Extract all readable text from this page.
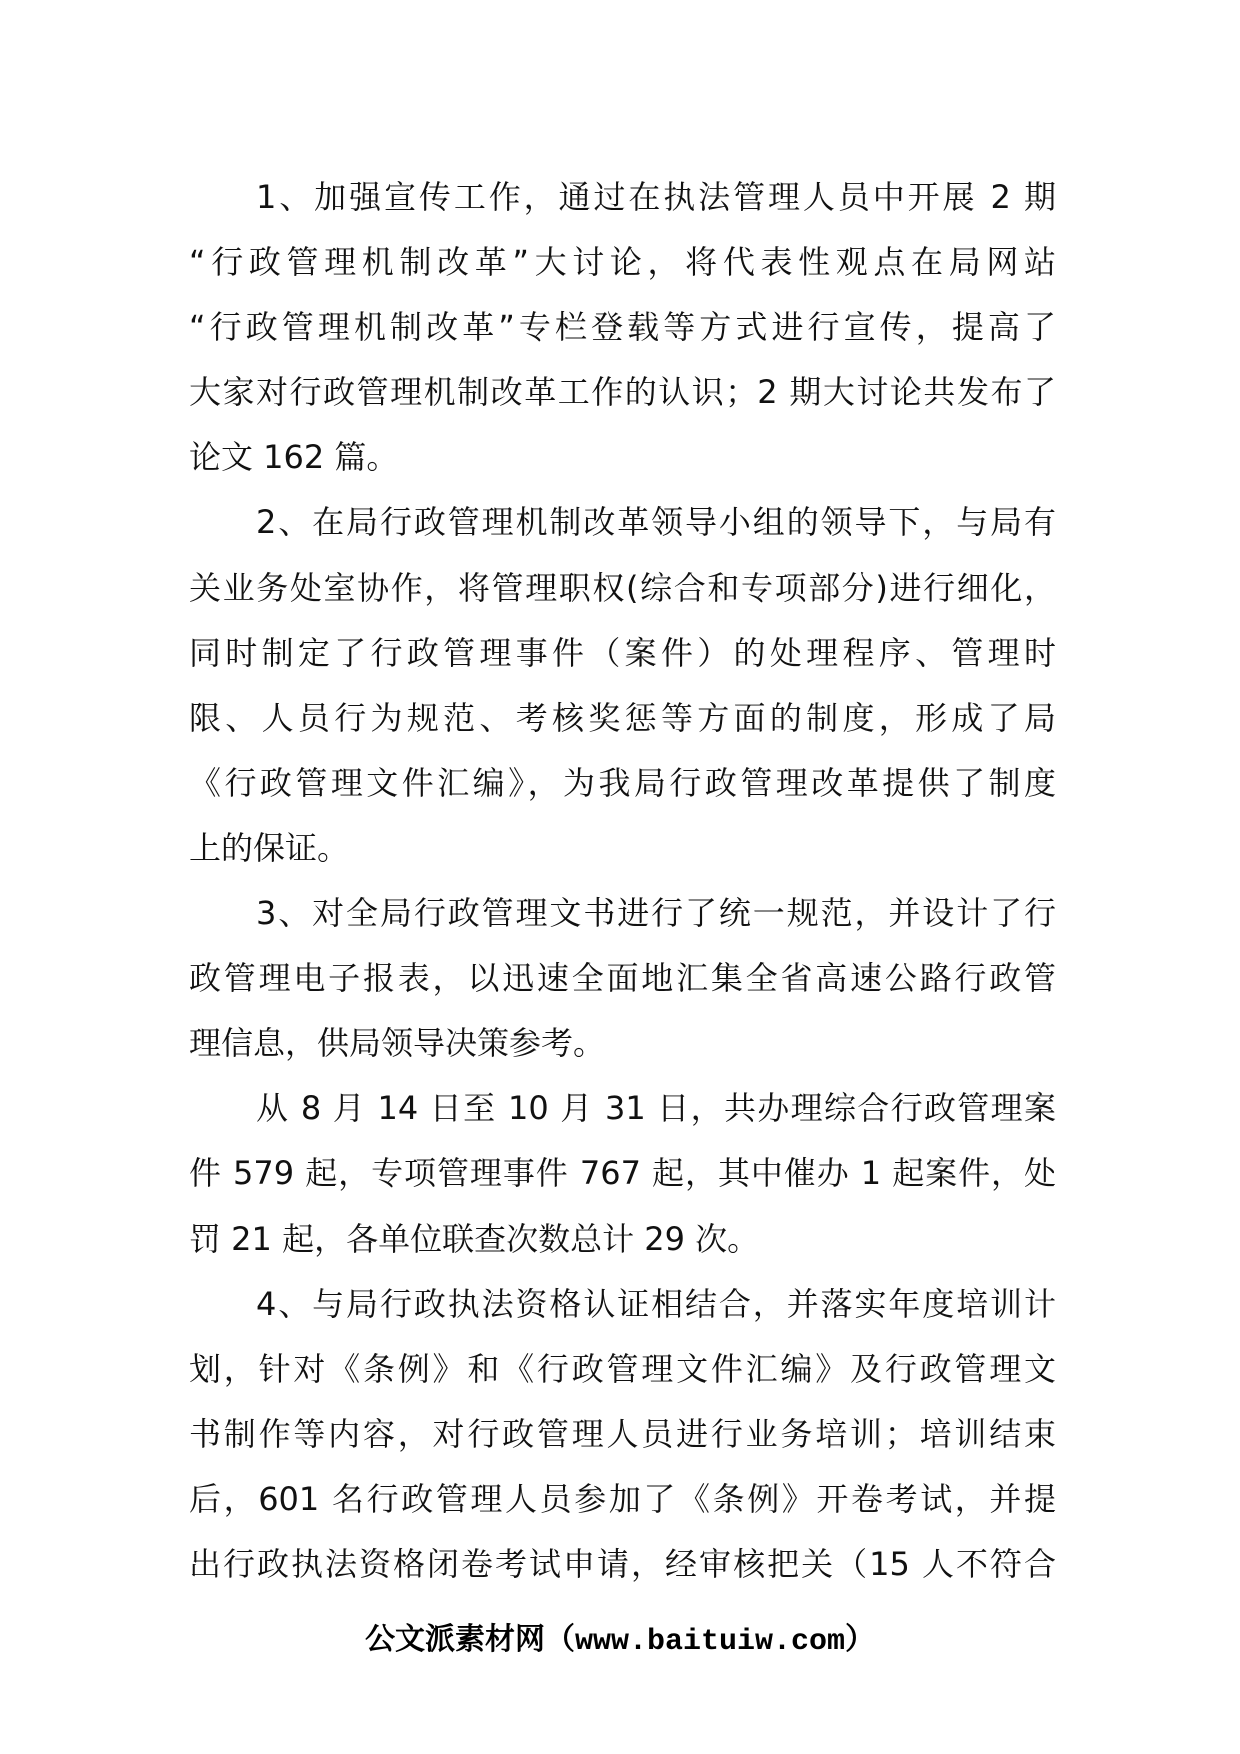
1、加强宣传工作，通过在执法管理人员中开展 2 期
“行政管理机制改革”大讨论，将代表性观点在局网站
“行政管理机制改革”专栏登载等方式进行宣传，提高了
大家对行政管理机制改革工作的认识；2 期大讨论共发布了
论文 162 篇。
2、在局行政管理机制改革领导小组的领导下，与局有
关业务处室协作，将管理职权(综合和专项部分)进行细化，
同时制定了行政管理事件（案件）的处理程序、管理时
限、人员行为规范、考核奖惩等方面的制度，形成了局
《行政管理文件汇编》，为我局行政管理改革提供了制度
上的保证。
3、对全局行政管理文书进行了统一规范，并设计了行
政管理电子报表，以迅速全面地汇集全省高速公路行政管
理信息，供局领导决策参考。
从 8 月 14 日至 10 月 31 日，共办理综合行政管理案
件 579 起，专项管理事件 767 起，其中催办 1 起案件，处
罚 21 起，各单位联查次数总计 29 次。
4、与局行政执法资格认证相结合，并落实年度培训计
划，针对《条例》和《行政管理文件汇编》及行政管理文
书制作等内容，对行政管理人员进行业务培训；培训结束
后，601 名行政管理人员参加了《条例》开卷考试，并提
出行政执法资格闭卷考试申请，经审核把关（15 人不符合
公文派素材网（www.baituiw.com）
